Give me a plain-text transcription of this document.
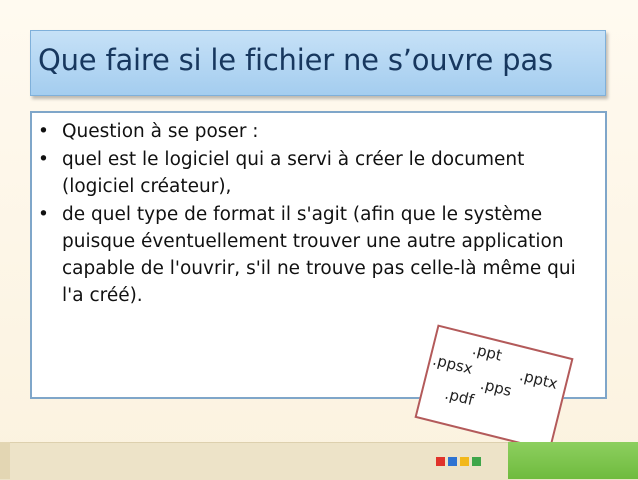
Que faire si le fichier ne s’ouvre pas
• Question à se poser :
• quel est le logiciel qui a servi à créer le document (logiciel créateur),
• de quel type de format il s'agit (afin que le système puisque éventuellement trouver une autre application capable de l'ouvrir, s'il ne trouve pas celle-là même qui l'a créé).
.ppt
.pptx
.ppsx
.pps
.pdf
